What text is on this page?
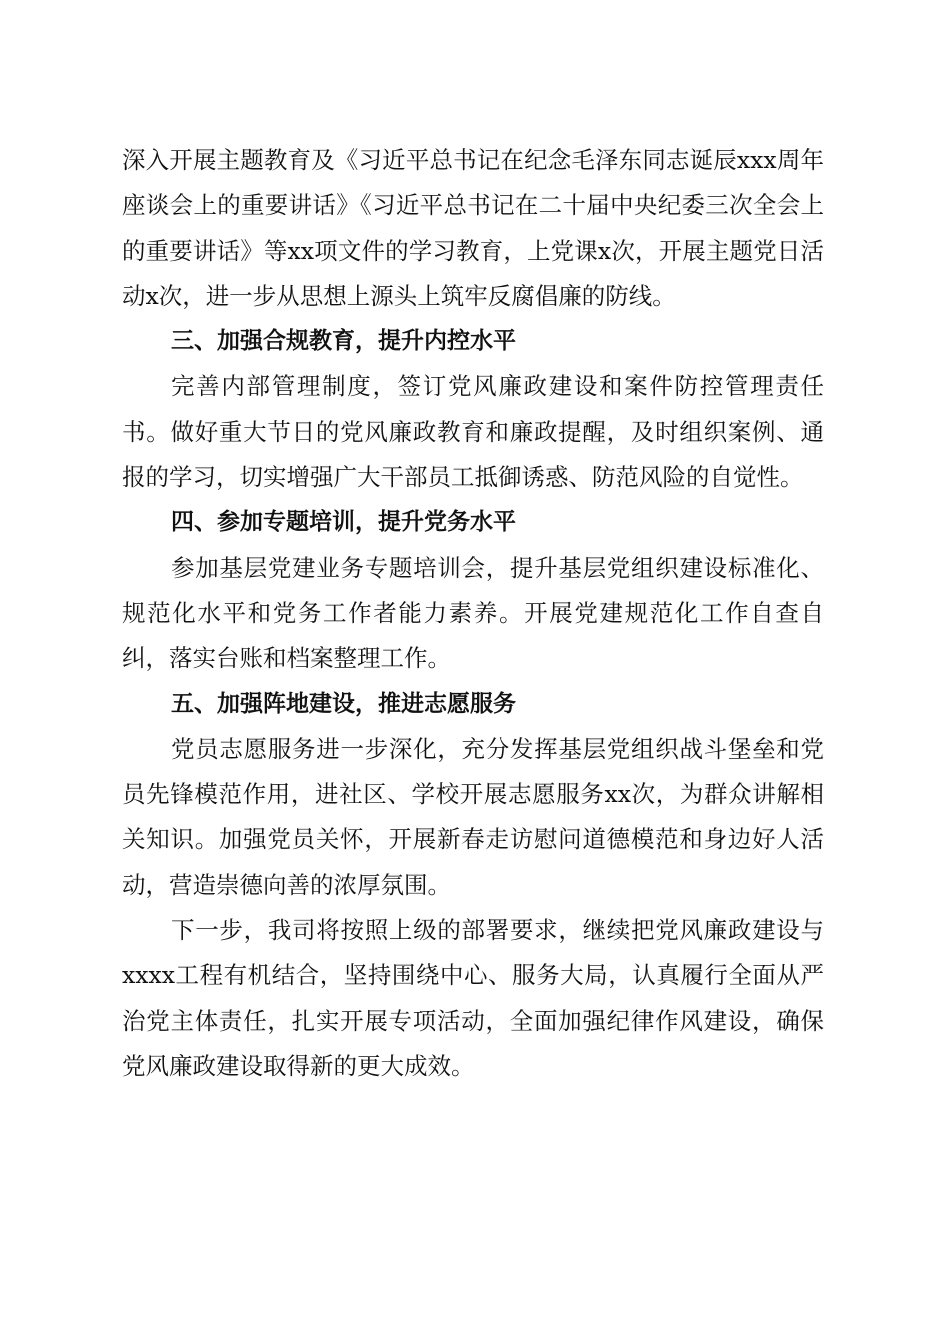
深入开展主题教育及《习近平总书记在纪念毛泽东同志诞辰xxx周年座谈会上的重要讲话》《习近平总书记在二十届中央纪委三次全会上的重要讲话》等xx项文件的学习教育，上党课x次，开展主题党日活动x次，进一步从思想上源头上筑牢反腐倡廉的防线。

三、加强合规教育，提升内控水平

完善内部管理制度，签订党风廉政建设和案件防控管理责任书。做好重大节日的党风廉政教育和廉政提醒，及时组织案例、通报的学习，切实增强广大干部员工抵御诱惑、防范风险的自觉性。

四、参加专题培训，提升党务水平

参加基层党建业务专题培训会，提升基层党组织建设标准化、规范化水平和党务工作者能力素养。开展党建规范化工作自查自纠，落实台账和档案整理工作。

五、加强阵地建设，推进志愿服务

党员志愿服务进一步深化，充分发挥基层党组织战斗堡垒和党员先锋模范作用，进社区、学校开展志愿服务xx次，为群众讲解相关知识。加强党员关怀，开展新春走访慰问道德模范和身边好人活动，营造崇德向善的浓厚氛围。

下一步，我司将按照上级的部署要求，继续把党风廉政建设与xxxx工程有机结合，坚持围绕中心、服务大局，认真履行全面从严治党主体责任，扎实开展专项活动，全面加强纪律作风建设，确保党风廉政建设取得新的更大成效。
